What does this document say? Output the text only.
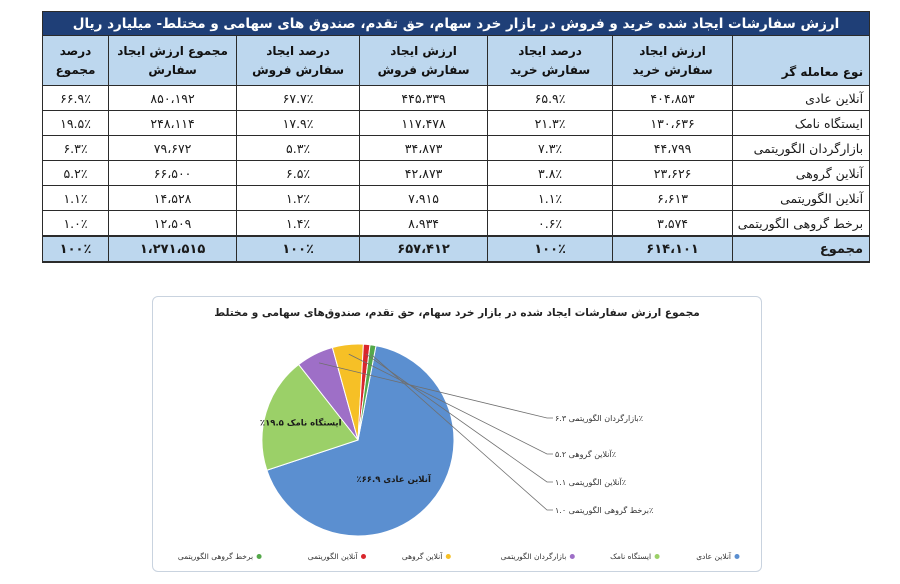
ارزش سفارشات ایجاد شده خرید و فروش در بازار خرد سهام، حق تقدم، صندوق های سهامی و مختلط- میلیارد ریال						
نوع معامله گر	ارزش ایجاد سفارش خرید	درصد ایجاد سفارش خرید	ارزش ایجاد سفارش فروش	درصد ایجاد سفارش فروش	مجموع ارزش ایجاد سفارش	درصد مجموع
آنلاین عادی	۴۰۴،۸۵۳	۶۵.۹٪	۴۴۵،۳۳۹	۶۷.۷٪	۸۵۰،۱۹۲	۶۶.۹٪
ایستگاه نامک	۱۳۰،۶۳۶	۲۱.۳٪	۱۱۷،۴۷۸	۱۷.۹٪	۲۴۸،۱۱۴	۱۹.۵٪
بازارگردان الگوریتمی	۴۴،۷۹۹	۷.۳٪	۳۴،۸۷۳	۵.۳٪	۷۹،۶۷۲	۶.۳٪
آنلاین گروهی	۲۳،۶۲۶	۳.۸٪	۴۲،۸۷۳	۶.۵٪	۶۶،۵۰۰	۵.۲٪
آنلاین الگوریتمی	۶،۶۱۳	۱.۱٪	۷،۹۱۵	۱.۲٪	۱۴،۵۲۸	۱.۱٪
برخط گروهی الگوریتمی	۳،۵۷۴	۰.۶٪	۸،۹۳۴	۱.۴٪	۱۲،۵۰۹	۱.۰٪
مجموع	۶۱۴،۱۰۱	۱۰۰٪	۶۵۷،۴۱۲	۱۰۰٪	۱،۲۷۱،۵۱۵	۱۰۰٪
مجموع ارزش سفارشات ایجاد شده در بازار خرد سهام، حق تقدم، صندوق‌های سهامی و مختلط
آنلاین عادی ۶۶.۹٪
ایستگاه نامک ۱۹.۵٪
بازارگردان الگوریتمی ۶.۳٪
آنلاین گروهی ۵.۲٪
آنلاین الگوریتمی ۱.۱٪
برخط گروهی الگوریتمی ۱.۰٪
آنلاین عادی
ایستگاه نامک
بازارگردان الگوریتمی
آنلاین گروهی
آنلاین الگوریتمی
برخط گروهی الگوریتمی
